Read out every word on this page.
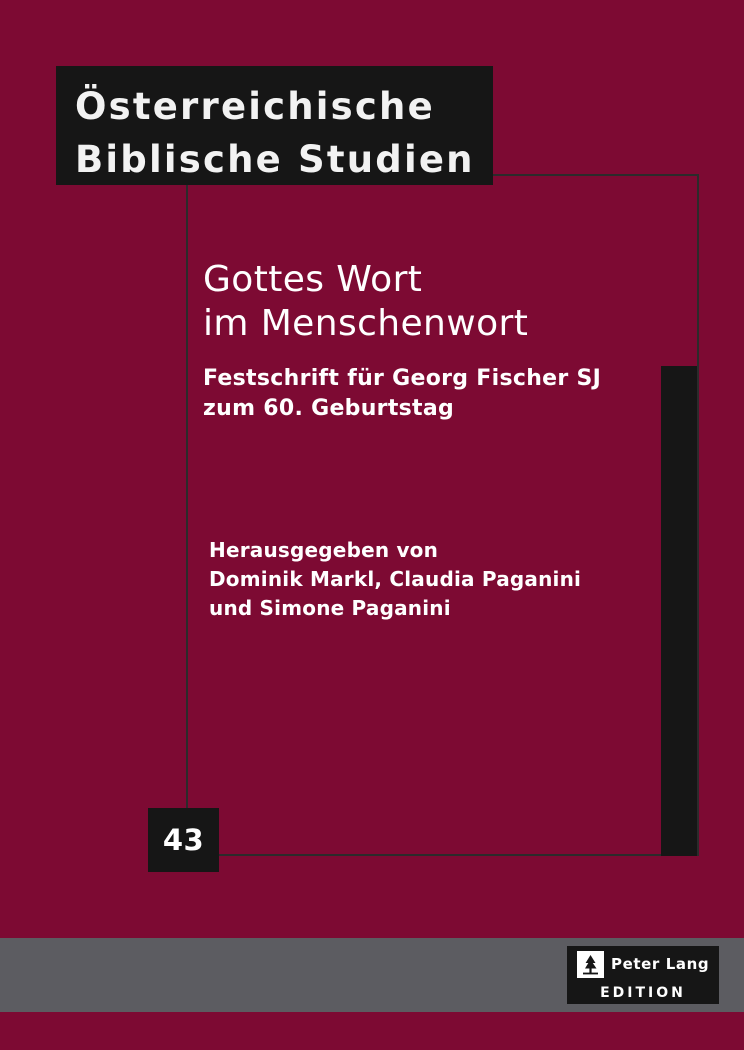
Österreichische
Biblische Studien
Gottes Wort
im Menschenwort
Festschrift für Georg Fischer SJ
zum 60. Geburtstag
Herausgegeben von
Dominik Markl, Claudia Paganini
und Simone Paganini
43
Peter Lang
EDITION
